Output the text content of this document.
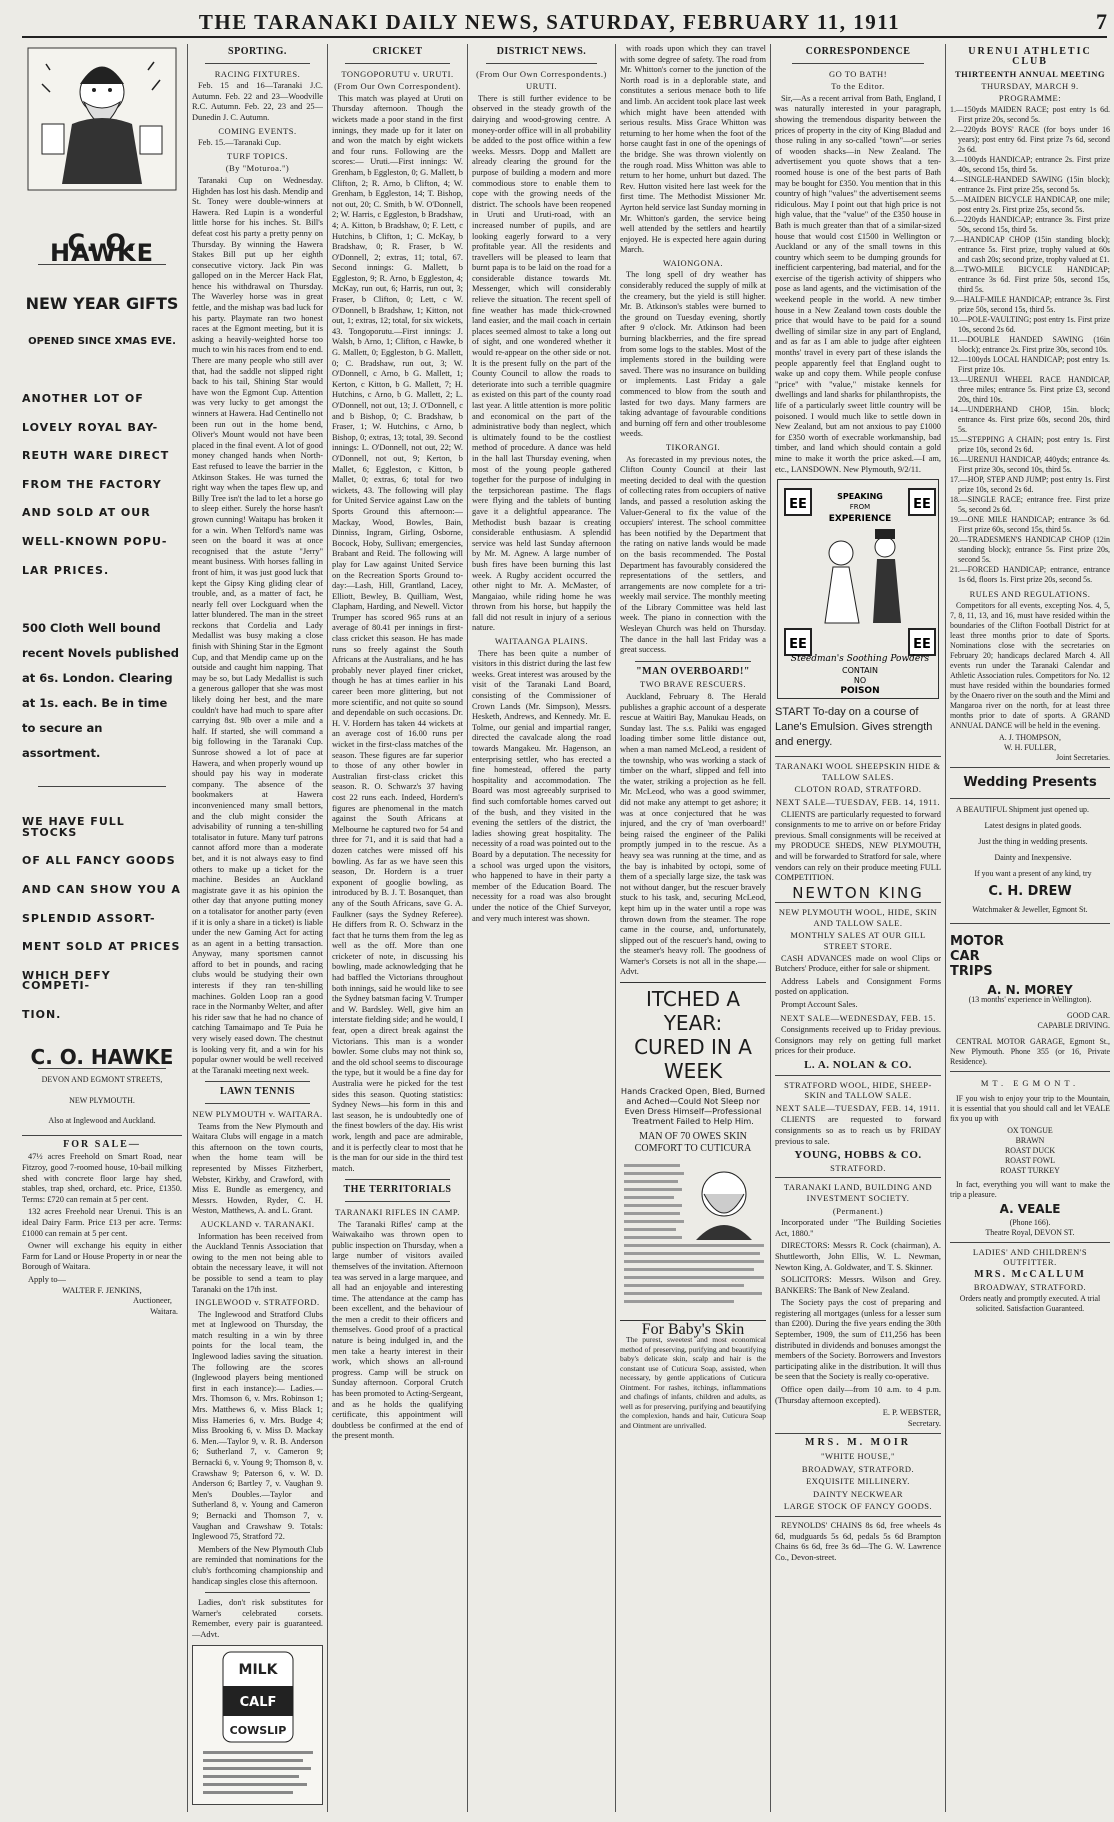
THE TARANAKI DAILY NEWS, SATURDAY, FEBRUARY 11, 1911	7
C. O. HAWKE
NEW YEAR GIFTS
OPENED SINCE XMAS EVE.
ANOTHER LOT OF
LOVELY ROYAL BAY-
REUTH WARE DIRECT
FROM THE FACTORY
AND SOLD AT OUR
WELL-KNOWN POPU-
LAR PRICES.
500 Cloth Well bound recent Novels published at 6s. London. Clearing at 1s. each. Be in time to secure an assortment.
WE HAVE FULL STOCKS
OF ALL FANCY GOODS
AND CAN SHOW YOU A
SPLENDID ASSORT-
MENT SOLD AT PRICES
WHICH DEFY COMPETI-
TION.
C. O. HAWKE
DEVON AND EGMONT STREETS,
NEW PLYMOUTH.
Also at Inglewood and Auckland.
FOR SALE—

47½ acres Freehold on Smart Road, near Fitzroy, good 7-roomed house, 10-bail milking shed with concrete floor large hay shed, stables, trap shed, orchard, etc. Price, £1350. Terms: £720 can remain at 5 per cent.

132 acres Freehold near Urenui. This is an ideal Dairy Farm. Price £13 per acre. Terms: £1000 can remain at 5 per cent.

Owner will exchange his equity in either Farm for Land or House Property in or near the Borough of Waitara.

Apply to—
WALTER F. JENKINS,
Auctioneer,
Waitara.
SPORTING.
RACING FIXTURES.

Feb. 15 and 16—Taranaki J.C. Autumn. Feb. 22 and 23—Woodville R.C. Autumn. Feb. 22, 23 and 25—Dunedin J. C. Autumn.

COMING EVENTS.

Feb. 15.—Taranaki Cup.

TURF TOPICS.
(By "Moturoa.")

Taranaki Cup on Wednesday. Highden has lost his dash. Mendip and St. Toney were double-winners at Hawera. Red Lupin is a wonderful little horse for his inches. St. Bill's defeat cost his party a pretty penny on Thursday. By winning the Hawera Stakes Bill put up her eighth consecutive victory. Jack Pin was galloped on in the Mercer Hack Flat, hence his withdrawal on Thursday. The Waverley horse was in great fettle, and the mishap was bad luck for his party. Playmate ran two honest races at the Egmont meeting, but it is asking a heavily-weighted horse too much to win his races from end to end. There are many people who still aver that, had the saddle not slipped right back to his tail, Shining Star would have won the Egmont Cup. Attention was very lucky to get amongst the winners at Hawera. Had Centinello not been run out in the home bend, Oliver's Mount would not have been placed in the final event. A lot of good money changed hands when North-East refused to leave the barrier in the Atkinson Stakes. He was turned the right way when the tapes flew up, and Billy Tree isn't the lad to let a horse go to sleep either. Surely the horse hasn't grown cunning! Waitapu has broken it for a win. When Telford's name was seen on the board it was at once recognised that the astute "Jerry" meant business. With horses falling in front of him, it was just good luck that kept the Gipsy King gliding clear of trouble, and, as a matter of fact, he nearly fell over Lockguard when the latter blundered. The man in the street reckons that Cordelia and Lady Medallist was busy making a close finish with Shining Star in the Egmont Cup, and that Mendip came up on the outside and caught him napping. That may be so, but Lady Medallist is such a generous galloper that she was most likely doing her best, and the mare couldn't have had much to spare after carrying 8st. 9lb over a mile and a half. If started, she will command a big following in the Taranaki Cup. Sunrose showed a lot of pace at Hawera, and when properly wound up should pay his way in moderate company. The absence of the bookmakers at Hawera inconvenienced many small bettors, and the club might consider the advisability of running a ten-shilling totalisator in future. Many turf patrons cannot afford more than a moderate bet, and it is not always easy to find others to make up a ticket for the machine. Besides an Auckland magistrate gave it as his opinion the other day that anyone putting money on a totalisator for another party (even if it is only a share in a ticket) is liable under the new Gaming Act for acting as an agent in a betting transaction. Anyway, many sportsmen cannot afford to bet in pounds, and racing clubs would be studying their own interests if they ran ten-shilling machines. Golden Loop ran a good race in the Normanby Welter, and after his rider saw that he had no chance of catching Tamaimapo and Te Puia he very wisely eased down. The chestnut is looking very fit, and a win for his popular owner would be well received at the Taranaki meeting next week.

LAWN TENNIS
NEW PLYMOUTH v. WAITARA.

Teams from the New Plymouth and Waitara Clubs will engage in a match this afternoon on the town courts, when the home team will be represented by Misses Fitzherbert, Webster, Kirkby, and Crawford, with Miss E. Bundle as emergency, and Messrs. Howden, Ryder, C. H. Weston, Matthews, A. and L. Grant.

AUCKLAND v. TARANAKI.

Information has been received from the Auckland Tennis Association that owing to the men not being able to obtain the necessary leave, it will not be possible to send a team to play Taranaki on the 17th inst.

INGLEWOOD v. STRATFORD.

The Inglewood and Stratford Clubs met at Inglewood on Thursday, the match resulting in a win by three points for the local team, the Inglewood ladies saving the situation. The following are the scores (Inglewood players being mentioned first in each instance):— Ladies.—Mrs. Thomson 6, v. Mrs. Robinson 1; Mrs. Matthews 6, v. Miss Black 1; Miss Hameries 6, v. Mrs. Budge 4; Miss Brooking 6, v. Miss D. Mackay 6. Men.—Taylor 9, v. R. B. Anderson 6; Sutherland 7, v. Cameron 9; Bernacki 6, v. Young 9; Thomson 8, v. Crawshaw 9; Paterson 6, v. W. D. Anderson 6; Bartley 7, v. Vaughan 9. Men's Doubles.—Taylor and Sutherland 8, v. Young and Cameron 9; Bernacki and Thomson 7, v. Vaughan and Crawshaw 9. Totals: Inglewood 75, Stratford 72.

Members of the New Plymouth Club are reminded that nominations for the club's forthcoming championship and handicap singles close this afternoon.

Ladies, don't risk substitutes for Warner's celebrated corsets. Remember, every pair is guaranteed.—Advt.

MILK
CALF
COWSLIP
CRICKET
TONGOPORUTU v. URUTI.
(From Our Own Correspondent).

This match was played at Uruti on Thursday afternoon. Though the wickets made a poor stand in the first innings, they made up for it later on and won the match by eight wickets and four runs. Following are the scores:— Uruti.—First innings: W. Grenham, b Eggleston, 0; G. Mallett, b Clifton, 2; R. Arno, b Clifton, 4; W. Grenham, b Eggleston, 14; T. Bishop, not out, 20; C. Smith, b W. O'Donnell, 2; W. Harris, c Eggleston, b Bradshaw, 4; A. Kitton, b Bradshaw, 0; F. Lett, c Hutchins, b Clifton, 1; C. McKay, b Bradshaw, 0; R. Fraser, b W. O'Donnell, 2; extras, 11; total, 67. Second innings: G. Mallett, b Eggleston, 9; R. Arno, b Eggleston, 4; McKay, run out, 6; Harris, run out, 3; Fraser, b Clifton, 0; Lett, c W. O'Donnell, b Bradshaw, 1; Kitton, not out, 1; extras, 12; total, for six wickets, 43. Tongoporutu.—First innings: J. Walsh, b Arno, 1; Clifton, c Hawke, b G. Mallett, 0; Eggleston, b G. Mallett, 0; C. Bradshaw, run out, 3; W. O'Donnell, c Arno, b G. Mallett, 1; Kerton, c Kitton, b G. Mallett, 7; H. Hutchins, c Arno, b G. Mallett, 2; L. O'Donnell, not out, 13; J. O'Donnell, c and b Bishop, 0; C. Bradshaw, b Fraser, 1; W. Hutchins, c Arno, b Bishop, 0; extras, 13; total, 39. Second innings: L. O'Donnell, not out, 22; W. O'Donnell, not out, 9; Kerton, b Mallet, 6; Eggleston, c Kitton, b Mallet, 0; extras, 6; total for two wickets, 43. The following will play for United Service against Law on the Sports Ground this afternoon:—Mackay, Wood, Bowles, Bain, Dinniss, Ingram, Girling, Osborne, Bocock, Hoby, Sullivan; emergencies, Brabant and Reid. The following will play for Law against United Service on the Recreation Sports Ground to-day:—Lash, Hill, Grantland, Lacey, Elliott, Bewley, B. Quilliam, West, Clapham, Harding, and Newell. Victor Trumper has scored 965 runs at an average of 80.41 per innings in first-class cricket this season. He has made runs so freely against the South Africans at the Australians, and he has probably never played finer cricket, though he has at times earlier in his career been more glittering, but not more scientific, and not quite so sound and dependable on such occasions. Dr. H. V. Hordern has taken 44 wickets at an average cost of 16.00 runs per wicket in the first-class matches of the season. These figures are far superior to those of any other bowler in Australian first-class cricket this season. R. O. Schwarz's 37 having cost 22 runs each. Indeed, Hordern's figures are phenomenal in the match against the South Africans at Melbourne he captured two for 54 and three for 71, and it is said that had a dozen catches were missed off his bowling. As far as we have seen this season, Dr. Hordern is a truer exponent of googlie bowling, as introduced by B. J. T. Bosanquet, than any of the South Africans, save G. A. Faulkner (says the Sydney Referee). He differs from R. O. Schwarz in the fact that he turns them from the leg as well as the off. More than one cricketer of note, in discussing his bowling, made acknowledging that he had baffled the Victorians throughout both innings, said he would like to see the Sydney batsman facing V. Trumper and W. Bardsley. Well, give him an interstate fielding side; and he would, I fear, open a direct break against the Victorians. This man is a wonder bowler. Some clubs may not think so, and the old school seems to discourage the type, but it would be a fine day for Australia were he picked for the test sides this season. Quoting statistics: Sydney News—his form in this and last season, he is undoubtedly one of the finest bowlers of the day. His wrist work, length and pace are admirable, and it is perfectly clear to most that he is the man for our side in the third test match.

THE TERRITORIALS
TARANAKI RIFLES IN CAMP.

The Taranaki Rifles' camp at the Waiwakaiho was thrown open to public inspection on Thursday, when a large number of visitors availed themselves of the invitation. Afternoon tea was served in a large marquee, and all had an enjoyable and interesting time. The attendance at the camp has been excellent, and the behaviour of the men a credit to their officers and themselves. Good proof of a practical nature is being indulged in, and the men take a hearty interest in their work, which shows an all-round progress. Camp will be struck on Sunday afternoon. Corporal Crutch has been promoted to Acting-Sergeant, and as he holds the qualifying certificate, this appointment will doubtless be confirmed at the end of the present month.

DISTRICT NEWS.
(From Our Own Correspondents.)
URUTI.

There is still further evidence to be observed in the steady growth of the dairying and wood-growing centre. A money-order office will in all probability be added to the post office within a few weeks. Messrs. Dopp and Mallett are already clearing the ground for the purpose of building a modern and more commodious store to enable them to cope with the growing needs of the district. The schools have been reopened in Uruti and Uruti-road, with an increased number of pupils, and are looking eagerly forward to a very profitable year. All the residents and travellers will be pleased to learn that burnt papa is to be laid on the road for a considerable distance towards Mt. Messenger, which will considerably relieve the situation. The recent spell of fine weather has made thick-crowned land easier, and the mail coach in certain places seemed almost to take a long out of sight, and one wondered whether it would re-appear on the other side or not. It is the present fully on the part of the County Council to allow the roads to deteriorate into such a terrible quagmire as existed on this part of the county road last year. A little attention is more politic and economical on the part of the administrative body than neglect, which is ultimately found to be the costliest method of procedure. A dance was held in the hall last Thursday evening, when most of the young people gathered together for the purpose of indulging in the terpsichorean pastime. The flags were flying and the tablets of bunting gave it a delightful appearance. The Methodist bush bazaar is creating considerable enthusiasm. A splendid service was held last Sunday afternoon by Mr. M. Agnew. A large number of bush fires have been burning this last week. A Rugby accident occurred the other night to Mr. A. McMaster, of Mangaiao, while riding home he was thrown from his horse, but happily the fall did not result in injury of a serious nature.

WAITAANGA PLAINS.

There has been quite a number of visitors in this district during the last few weeks. Great interest was aroused by the visit of the Taranaki Land Board, consisting of the Commissioner of Crown Lands (Mr. Simpson), Messrs. Hesketh, Andrews, and Kennedy. Mr. E. Tolme, our genial and impartial ranger, directed the cavalcade along the road towards Mangakeu. Mr. Hagenson, an enterprising settler, who has erected a fine homestead, offered the party hospitality and accommodation. The Board was most agreeably surprised to find such comfortable homes carved out of the bush, and they visited in the evening the settlers of the district, the ladies showing great hospitality. The necessity of a road was pointed out to the Board by a deputation. The necessity for a school was urged upon the visitors, who happened to have in their party a member of the Education Board. The necessity for a road was also brought under the notice of the Chief Surveyor, and very much interest was shown.

with roads upon which they can travel with some degree of safety. The road from Mr. Whitton's corner to the junction of the North road is in a deplorable state, and constitutes a serious menace both to life and limb. An accident took place last week which might have been attended with serious results. Miss Grace Whitton was returning to her home when the foot of the horse caught fast in one of the openings of the bridge. She was thrown violently on the rough road. Miss Whitton was able to return to her home, unhurt but dazed. The Rev. Hutton visited here last week for the first time. The Methodist Missioner Mr. Ayrton held service last Sunday morning in Mr. Whitton's garden, the service being well attended by the settlers and heartily enjoyed. He is expected here again during March.

WAIONGONA.

The long spell of dry weather has considerably reduced the supply of milk at the creamery, but the yield is still higher. Mr. B. Atkinson's stables were burned to the ground on Tuesday evening, shortly after 9 o'clock. Mr. Atkinson had been burning blackberries, and the fire spread from some logs to the stables. Most of the implements stored in the building were saved. There was no insurance on building or implements. Last Friday a gale commenced to blow from the south and lasted for two days. Many farmers are taking advantage of favourable conditions and burning off fern and other troublesome weeds.

TIKORANGI.

As forecasted in my previous notes, the Clifton County Council at their last meeting decided to deal with the question of collecting rates from occupiers of native lands, and passed a resolution asking the Valuer-General to fix the value of the occupiers' interest. The school committee has been notified by the Department that the rating on native lands would be made on the basis recommended. The Postal Department has favourably considered the representations of the settlers, and arrangements are now complete for a tri-weekly mail service. The monthly meeting of the Library Committee was held last week. The piano in connection with the Wesleyan Church was held on Thursday. The dance in the hall last Friday was a great success.

"MAN OVERBOARD!"
TWO BRAVE RESCUERS.

Auckland, February 8. The Herald publishes a graphic account of a desperate rescue at Waitiri Bay, Manukau Heads, on Sunday last. The s.s. Paliki was engaged loading timber some little distance out, when a man named McLeod, a resident of the township, who was working a stack of timber on the wharf, slipped and fell into the water, striking a projection as he fell. Mr. McLeod, who was a good swimmer, did not make any attempt to get ashore; it was at once conjectured that he was injured, and the cry of 'man overboard!' being raised the engineer of the Paliki promptly jumped in to the rescue. As a heavy sea was running at the time, and as the bay is inhabited by octopi, some of them of a specially large size, the task was not without danger, but the rescuer bravely stuck to his task, and, securing McLeod, kept him up in the water until a rope was thrown down from the steamer. The rope came in the course, and, unfortunately, slipped out of the rescuer's hand, owing to the steamer's heavy roll. The goodness of Warner's Corsets is not all in the shape.—Advt.

ITCHED A YEAR:
CURED IN A WEEK
Hands Cracked Open, Bled, Burned and Ached—Could Not Sleep nor Even Dress Himself—Professional Treatment Failed to Help Him.
MAN OF 70 OWES SKIN COMFORT TO CUTICURA
For Baby's Skin

The purest, sweetest and most economical method of preserving, purifying and beautifying baby's delicate skin, scalp and hair is the constant use of Cuticura Soap, assisted, when necessary, by gentle applications of Cuticura Ointment. For rashes, itchings, inflammations and chafings of infants, children and adults, as well as for preserving, purifying and beautifying the complexion, hands and hair, Cuticura Soap and Ointment are unrivalled.

CORRESPONDENCE
GO TO BATH!
To the Editor.

Sir,—As a recent arrival from Bath, England, I was naturally interested in your paragraph, showing the tremendous disparity between the prices of property in the city of King Bladud and those ruling in any so-called "town"—or series of wooden shacks—in New Zealand. The advertisement you quote shows that a ten-roomed house is one of the best parts of Bath may be bought for £350. You mention that in this country of high "values" the advertisement seems ridiculous. May I point out that high price is not high value, that the "value" of the £350 house in Bath is much greater than that of a similar-sized house that would cost £1500 in Wellington or Auckland or any of the small towns in this country which seem to be dumping grounds for inefficient carpentering, bad material, and for the exercise of the tigerish activity of shippers who pose as land agents, and the victimisation of the weekend people in the world. A new timber house in a New Zealand town costs double the price that would have to be paid for a sound dwelling of similar size in any part of England, and as far as I am able to judge after eighteen months' travel in every part of these islands the people apparently feel that England ought to wake up and copy them. While people confuse "price" with "value," mistake kennels for dwellings and land sharks for philanthropists, the life of a particularly sweet little country will be poisoned. I would much like to settle down in New Zealand, but am not anxious to pay £1000 for £350 worth of execrable workmanship, bad timber, and land which should contain a gold mine to make it worth the price asked.—I am, etc., LANSDOWN. New Plymouth, 9/2/11.

EE	EE
SPEAKING
FROM
EXPERIENCE
EE	EE
Steedman's Soothing Powders
CONTAIN
NO
POISON
START To-day on a course of Lane's Emulsion. Gives strength and energy.
TARANAKI WOOL SHEEPSKIN HIDE & TALLOW SALES.
CLOTON ROAD, STRATFORD.
NEXT SALE—TUESDAY, FEB. 14, 1911.

CLIENTS are particularly requested to forward consignments to me to arrive on or before Friday previous. Small consignments will be received at my PRODUCE SHEDS, NEW PLYMOUTH, and will be forwarded to Stratford for sale, where vendors can rely on their produce meeting FULL COMPETITION.

NEWTON KING
NEW PLYMOUTH WOOL, HIDE, SKIN AND TALLOW SALE.
MONTHLY SALES AT OUR GILL STREET STORE.

CASH ADVANCES made on wool Clips or Butchers' Produce, either for sale or shipment.

Address Labels and Consignment Forms posted on application.

Prompt Account Sales.

NEXT SALE—WEDNESDAY, FEB. 15.

Consignments received up to Friday previous. Consignors may rely on getting full market prices for their produce.

L. A. NOLAN & CO.
STRATFORD WOOL, HIDE, SHEEP-SKIN and TALLOW SALE.
NEXT SALE—TUESDAY, FEB. 14, 1911.

CLIENTS are requested to forward consignments so as to reach us by FRIDAY previous to sale.

YOUNG, HOBBS & CO.
STRATFORD.
TARANAKI LAND, BUILDING AND INVESTMENT SOCIETY.
(Permanent.)

Incorporated under "The Building Societies Act, 1880."

DIRECTORS: Messrs R. Cock (chairman), A. Shuttleworth, John Ellis, W. L. Newman, Newton King, A. Goldwater, and T. S. Skinner.

SOLICITORS: Messrs. Wilson and Grey. BANKERS: The Bank of New Zealand.

The Society pays the cost of preparing and registering all mortgages (unless for a lesser sum than £200). During the five years ending the 30th September, 1909, the sum of £11,256 has been distributed in dividends and bonuses amongst the members of the Society. Borrowers and Investors participating alike in the distribution. It will thus be seen that the Society is really co-operative.

Office open daily—from 10 a.m. to 4 p.m. (Thursday afternoon excepted).

E. P. WEBSTER,
Secretary.
MRS. M. MOIR
"WHITE HOUSE,"
BROADWAY, STRATFORD.
EXQUISITE MILLINERY.
DAINTY NECKWEAR
LARGE STOCK OF FANCY GOODS.

REYNOLDS' CHAINS 8s 6d, free wheels 4s 6d, mudguards 5s 6d, pedals 5s 6d Brampton Chains 6s 6d, free 3s 6d—The G. W. Lawrence Co., Devon-street.

URENUI ATHLETIC CLUB
THIRTEENTH ANNUAL MEETING
THURSDAY, MARCH 9.
PROGRAMME:
1.—150yds MAIDEN RACE; post entry 1s 6d. First prize 20s, second 5s.
2.—220yds BOYS' RACE (for boys under 16 years); post entry 6d. First prize 7s 6d, second 2s 6d.
3.—100yds HANDICAP; entrance 2s. First prize 40s, second 15s, third 5s.
4.—SINGLE-HANDED SAWING (15in block); entrance 2s. First prize 25s, second 5s.
5.—MAIDEN BICYCLE HANDICAP, one mile; post entry 2s. First prize 25s, second 5s.
6.—220yds HANDICAP; entrance 3s. First prize 50s, second 15s, third 5s.
7.—HANDICAP CHOP (15in standing block); entrance 5s. First prize, trophy valued at 60s and cash 20s; second prize, trophy valued at £1.
8.—TWO-MILE BICYCLE HANDICAP; entrance 3s 6d. First prize 50s, second 15s, third 5s.
9.—HALF-MILE HANDICAP; entrance 3s. First prize 50s, second 15s, third 5s.
10.—POLE-VAULTING; post entry 1s. First prize 10s, second 2s 6d.
11.—DOUBLE HANDED SAWING (16in block); entrance 2s. First prize 30s, second 10s.
12.—100yds LOCAL HANDICAP; post entry 1s. First prize 10s.
13.—URENUI WHEEL RACE HANDICAP, three miles; entrance 5s. First prize £3, second 20s, third 10s.
14.—UNDERHAND CHOP, 15in. block; entrance 4s. First prize 60s, second 20s, third 5s.
15.—STEPPING A CHAIN; post entry 1s. First prize 10s, second 2s 6d.
16.—URENUI HANDICAP, 440yds; entrance 4s. First prize 30s, second 10s, third 5s.
17.—HOP, STEP AND JUMP; post entry 1s. First prize 10s, second 2s 6d.
18.—SINGLE RACE; entrance free. First prize 5s, second 2s 6d.
19.—ONE MILE HANDICAP; entrance 3s 6d. First prize 60s, second 15s, third 5s.
20.—TRADESMEN'S HANDICAP CHOP (12in standing block); entrance 5s. First prize 20s, second 5s.
21.—FORCED HANDICAP; entrance, entrance 1s 6d, floors 1s. First prize 20s, second 5s.
RULES AND REGULATIONS.

Competitors for all events, excepting Nos. 4, 5, 7, 8, 11, 13, and 16, must have resided within the boundaries of the Clifton Football District for at least three months prior to date of Sports. Nominations close with the secretaries on February 20; handicaps declared March 4. All events run under the Taranaki Calendar and Athletic Association rules. Competitors for No. 12 must have resided within the boundaries formed by the Onaero river on the south and the Mimi and Mangaroa river on the north, for at least three months prior to date of sports. A GRAND ANNUAL DANCE will be held in the evening.

A. J. THOMPSON,
W. H. FULLER,
Joint Secretaries.
Wedding Presents

A BEAUTIFUL Shipment just opened up.

Latest designs in plated goods.

Just the thing in wedding presents.

Dainty and Inexpensive.

If you want a present of any kind, try

C. H. DREW
Watchmaker & Jeweller, Egmont St.
MOTOR
CAR
TRIPS
A. N. MOREY
(13 months' experience in Wellington).
GOOD CAR.
CAPABLE DRIVING.

CENTRAL MOTOR GARAGE, Egmont St., New Plymouth. Phone 355 (or 16, Private Residence).

MT. EGMONT.

IF you wish to enjoy your trip to the Mountain, it is essential that you should call and let VEALE fix you up with

OX TONGUE
BRAWN
ROAST DUCK
ROAST FOWL
ROAST TURKEY

In fact, everything you will want to make the trip a pleasure.

A. VEALE
(Phone 166).
Theatre Royal, DEVON ST.
LADIES' AND CHILDREN'S OUTFITTER.
MRS. McCALLUM
BROADWAY, STRATFORD.
Orders neatly and promptly executed. A trial solicited. Satisfaction Guaranteed.
